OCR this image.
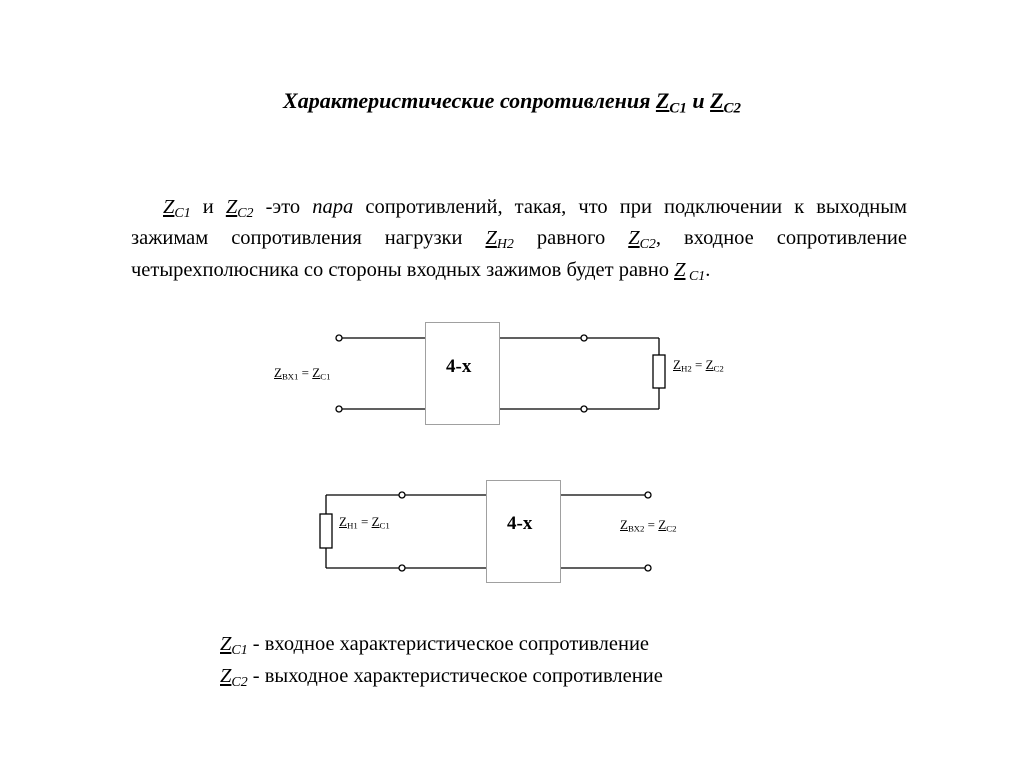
Характеристические сопротивления $Z_{C1}$ и $Z_{C2}$
$Z_{C1}$ и $Z_{C2}$ -это пара сопротивлений, такая, что при подключении к выходным зажимам сопротивления нагрузки $Z_{Н2}$ равного $Z_{C2}$, входное сопротивление четырехполюсника со стороны входных зажимов будет равно Z $_{C1}$.
4-х
$Z_{ВХ1} = Z_{C1}$
$Z_{Н2} = Z_{C2}$
4-х
$Z_{Н1} = Z_{C1}$	$Z_{ВХ2} = Z_{C2}$
$Z_{C1}$ - входное характеристическое сопротивление
$Z_{C2}$ - выходное характеристическое сопротивление
